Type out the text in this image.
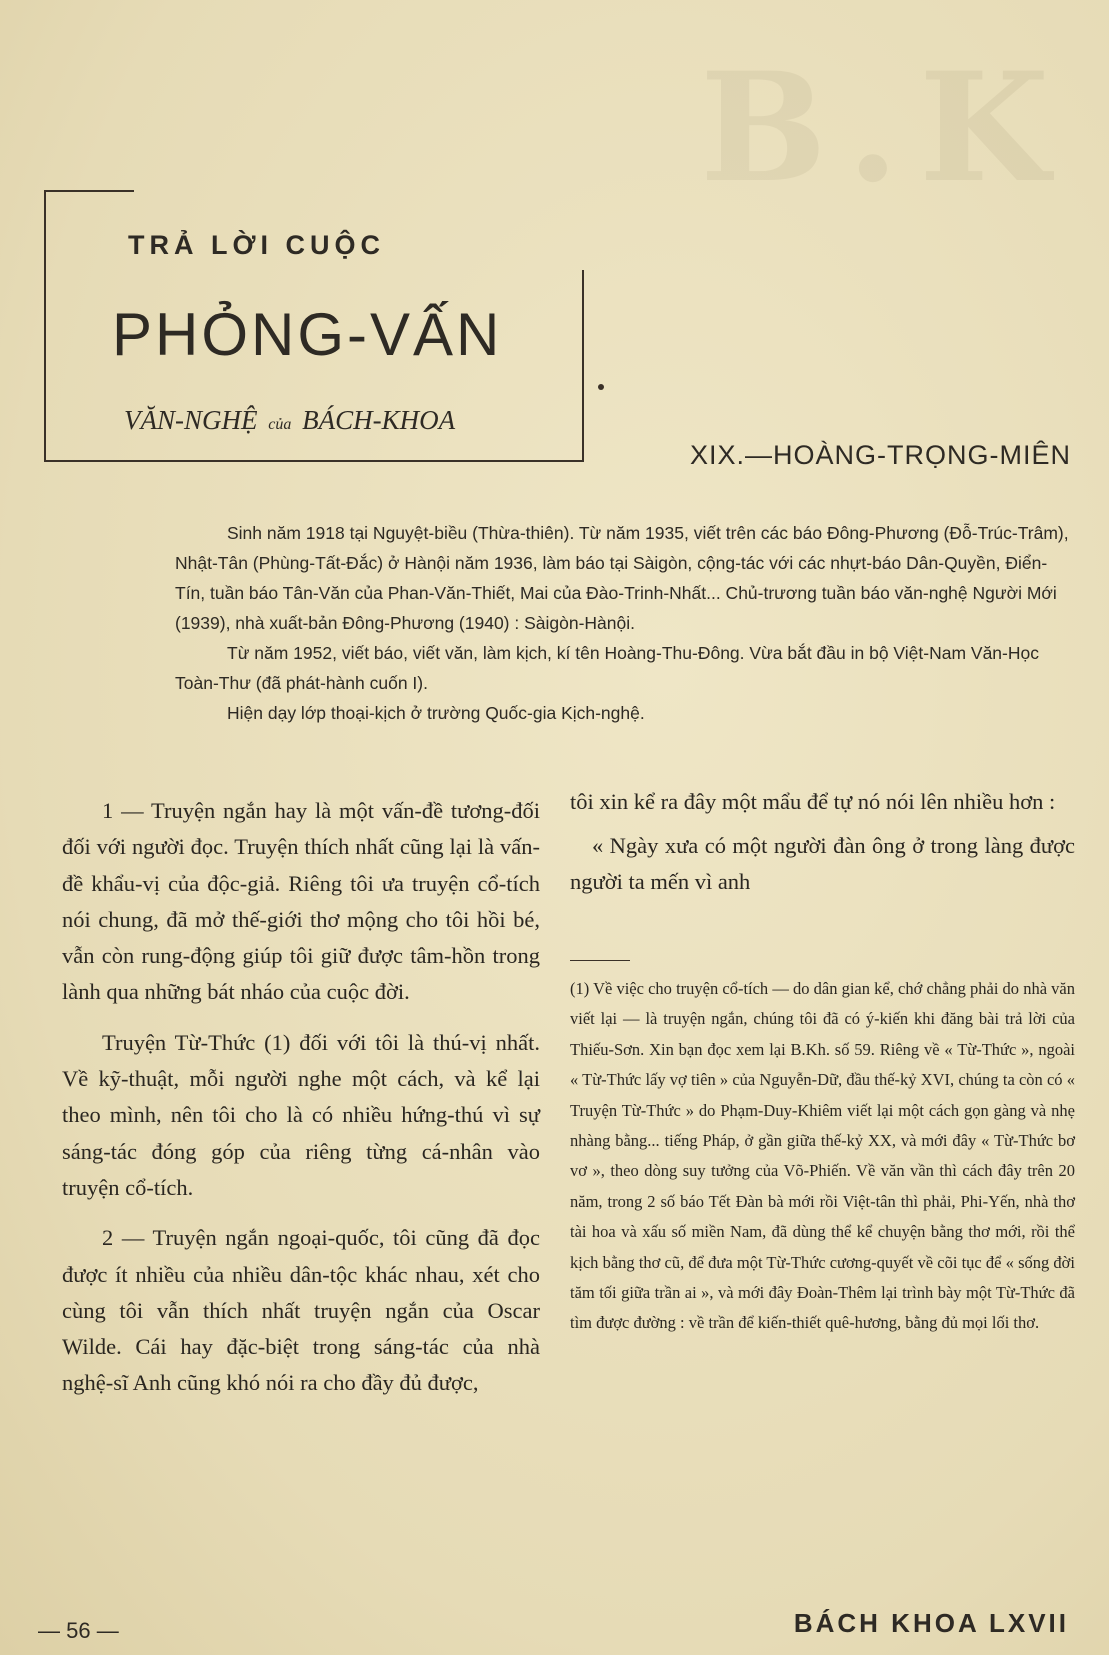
B.K
TRẢ LỜI CUỘC
PHỎNG-VẤN
VĂN-NGHỆ của BÁCH-KHOA
XIX.—HOÀNG-TRỌNG-MIÊN

Sinh năm 1918 tại Nguyệt-biều (Thừa-thiên). Từ năm 1935, viết trên các báo Đông-Phương (Đỗ-Trúc-Trâm), Nhật-Tân (Phùng-Tất-Đắc) ở Hànội năm 1936, làm báo tại Sàigòn, cộng-tác với các nhựt-báo Dân-Quyền, Điển-Tín, tuần báo Tân-Văn của Phan-Văn-Thiết, Mai của Đào-Trinh-Nhất... Chủ-trương tuần báo văn-nghệ Người Mới (1939), nhà xuất-bản Đông-Phương (1940) : Sàigòn-Hànội.

Từ năm 1952, viết báo, viết văn, làm kịch, kí tên Hoàng-Thu-Đông. Vừa bắt đầu in bộ Việt-Nam Văn-Học Toàn-Thư (đã phát-hành cuốn I).

Hiện dạy lớp thoại-kịch ở trường Quốc-gia Kịch-nghệ.

1 — Truyện ngắn hay là một vấn-đề tương-đối đối với người đọc. Truyện thích nhất cũng lại là vấn-đề khẩu-vị của độc-giả. Riêng tôi ưa truyện cổ-tích nói chung, đã mở thế-giới thơ mộng cho tôi hồi bé, vẫn còn rung-động giúp tôi giữ được tâm-hồn trong lành qua những bát nháo của cuộc đời.

Truyện Từ-Thức (1) đối với tôi là thú-vị nhất. Về kỹ-thuật, mỗi người nghe một cách, và kể lại theo mình, nên tôi cho là có nhiều hứng-thú vì sự sáng-tác đóng góp của riêng từng cá-nhân vào truyện cổ-tích.

2 — Truyện ngắn ngoại-quốc, tôi cũng đã đọc được ít nhiều của nhiều dân-tộc khác nhau, xét cho cùng tôi vẫn thích nhất truyện ngắn của Oscar Wilde. Cái hay đặc-biệt trong sáng-tác của nhà nghệ-sĩ Anh cũng khó nói ra cho đầy đủ được,

tôi xin kể ra đây một mẩu để tự nó nói lên nhiều hơn :

« Ngày xưa có một người đàn ông ở trong làng được người ta mến vì anh

(1) Về việc cho truyện cổ-tích — do dân gian kể, chớ chẳng phải do nhà văn viết lại — là truyện ngắn, chúng tôi đã có ý-kiến khi đăng bài trả lời của Thiếu-Sơn. Xin bạn đọc xem lại B.Kh. số 59. Riêng về « Từ-Thức », ngoài « Từ-Thức lấy vợ tiên » của Nguyễn-Dữ, đầu thế-kỷ XVI, chúng ta còn có « Truyện Từ-Thức » do Phạm-Duy-Khiêm viết lại một cách gọn gàng và nhẹ nhàng bằng... tiếng Pháp, ở gần giữa thế-kỷ XX, và mới đây « Từ-Thức bơ vơ », theo dòng suy tưởng của Võ-Phiến. Về văn vần thì cách đây trên 20 năm, trong 2 số báo Tết Đàn bà mới rồi Việt-tân thì phải, Phi-Yến, nhà thơ tài hoa và xấu số miền Nam, đã dùng thể kể chuyện bằng thơ mới, rồi thể kịch bằng thơ cũ, để đưa một Từ-Thức cương-quyết về cõi tục để « sống đời tăm tối giữa trần ai », và mới đây Đoàn-Thêm lại trình bày một Từ-Thức đã tìm được đường : về trần để kiến-thiết quê-hương, bằng đủ mọi lối thơ.

— 56 —	BÁCH KHOA LXVII
